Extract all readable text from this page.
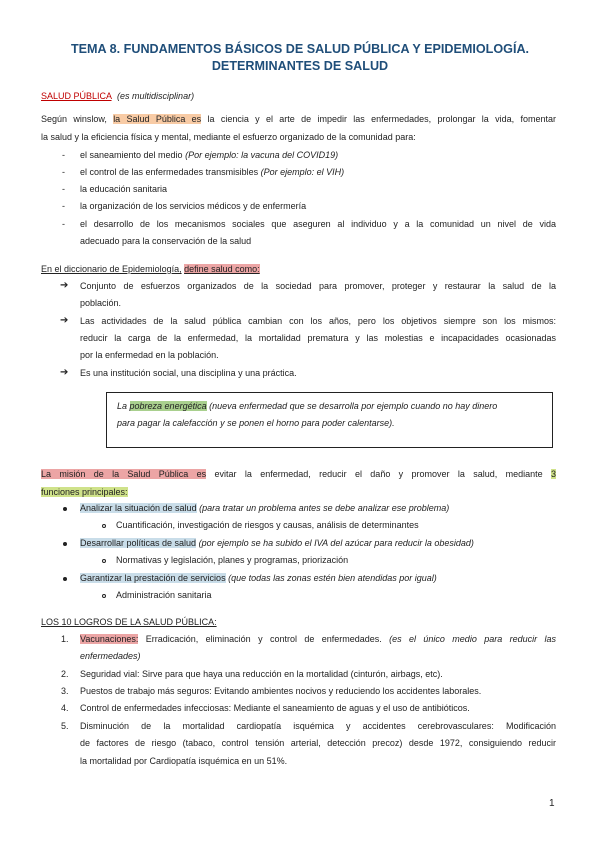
TEMA 8. FUNDAMENTOS BÁSICOS DE SALUD PÚBLICA Y EPIDEMIOLOGÍA.
DETERMINANTES DE SALUD
SALUD PÚBLICA (es multidisciplinar)
Según winslow, la Salud Pública es la ciencia y el arte de impedir las enfermedades, prolongar la vida, fomentar
la salud y la eficiencia física y mental, mediante el esfuerzo organizado de la comunidad para:
- el saneamiento del medio (Por ejemplo: la vacuna del COVID19)
- el control de las enfermedades transmisibles (Por ejemplo: el VIH)
- la educación sanitaria
- la organización de los servicios médicos y de enfermería
- el desarrollo de los mecanismos sociales que aseguren al individuo y a la comunidad un nivel de vida
adecuado para la conservación de la salud
En el diccionario de Epidemiología, define salud como:
➔ Conjunto de esfuerzos organizados de la sociedad para promover, proteger y restaurar la salud de la
población.
➔ Las actividades de la salud pública cambian con los años, pero los objetivos siempre son los mismos:
reducir la carga de la enfermedad, la mortalidad prematura y las molestias e incapacidades ocasionadas
por la enfermedad en la población.
➔ Es una institución social, una disciplina y una práctica.
La pobreza energética (nueva enfermedad que se desarrolla por ejemplo cuando no hay dinero
para pagar la calefacción y se ponen el horno para poder calentarse).
La misión de la Salud Pública es evitar la enfermedad, reducir el daño y promover la salud, mediante 3
funciones principales:
Analizar la situación de salud (para tratar un problema antes se debe analizar ese problema)
Cuantificación, investigación de riesgos y causas, análisis de determinantes
Desarrollar políticas de salud (por ejemplo se ha subido el IVA del azúcar para reducir la obesidad)
Normativas y legislación, planes y programas, priorización
Garantizar la prestación de servicios (que todas las zonas estén bien atendidas por igual)
Administración sanitaria
LOS 10 LOGROS DE LA SALUD PÚBLICA:
1. Vacunaciones: Erradicación, eliminación y control de enfermedades. (es el único medio para reducir las
enfermedades)
2. Seguridad vial: Sirve para que haya una reducción en la mortalidad (cinturón, airbags, etc).
3. Puestos de trabajo más seguros: Evitando ambientes nocivos y reduciendo los accidentes laborales.
4. Control de enfermedades infecciosas: Mediante el saneamiento de aguas y el uso de antibióticos.
5. Disminución de la mortalidad cardiopatía isquémica y accidentes cerebrovasculares: Modificación
de factores de riesgo (tabaco, control tensión arterial, detección precoz) desde 1972, consiguiendo reducir
la mortalidad por Cardiopatía isquémica en un 51%.
1
